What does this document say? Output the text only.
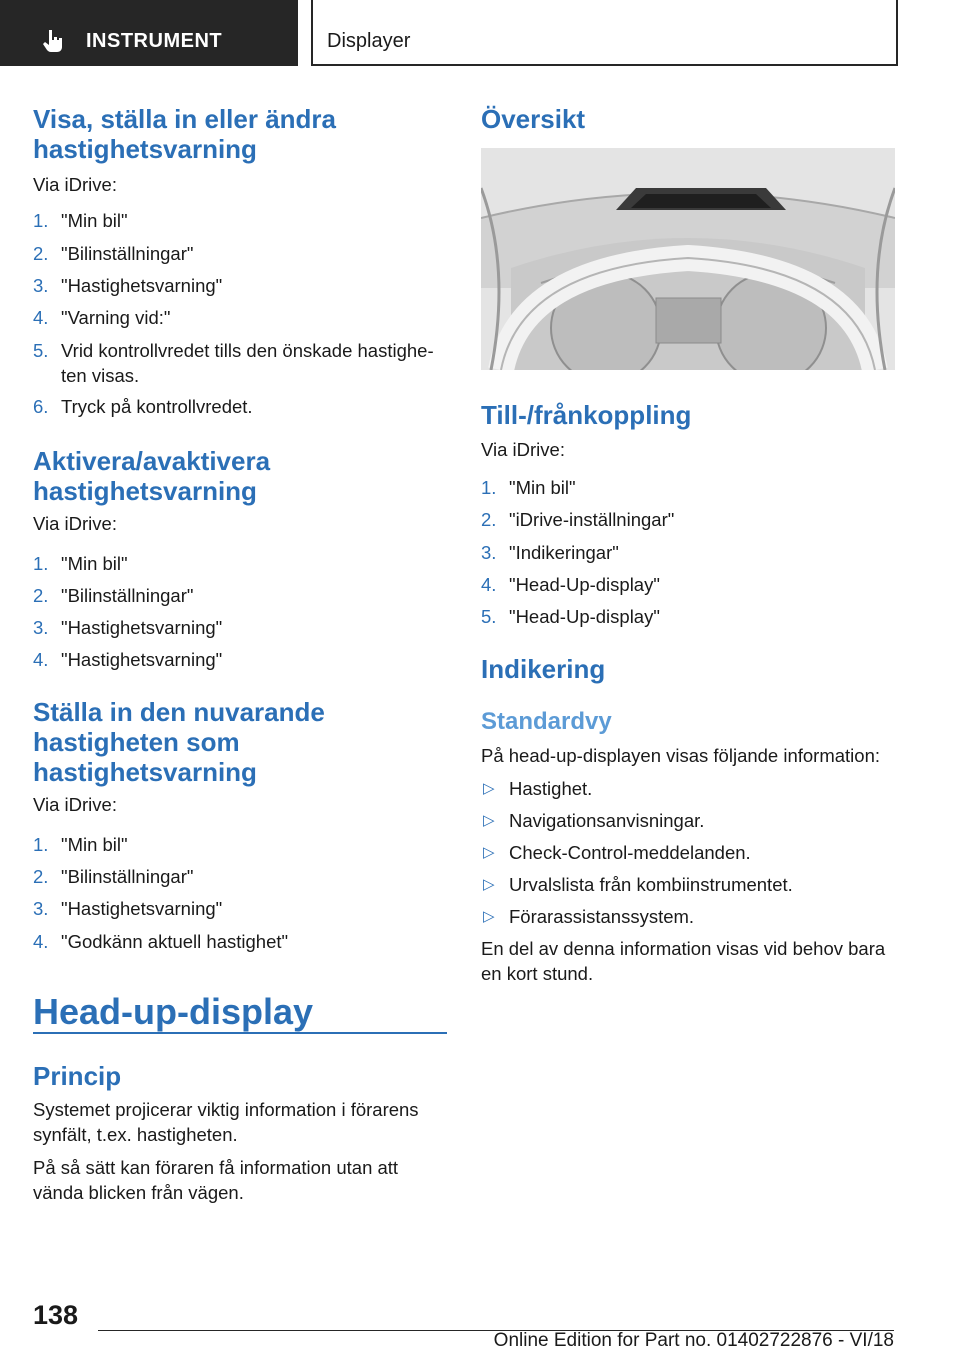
INSTRUMENT	Displayer
Visa, ställa in eller ändra
hastighetsvarning
Via iDrive:
1. "Min bil"
2. "Bilinställningar"
3. "Hastighetsvarning"
4. "Varning vid:"
5. Vrid kontrollvredet tills den önskade hastighe-
ten visas.
6. Tryck på kontrollvredet.
Aktivera/avaktivera
hastighetsvarning
Via iDrive:
1. "Min bil"
2. "Bilinställningar"
3. "Hastighetsvarning"
4. "Hastighetsvarning"
Ställa in den nuvarande
hastigheten som
hastighetsvarning
Via iDrive:
1. "Min bil"
2. "Bilinställningar"
3. "Hastighetsvarning"
4. "Godkänn aktuell hastighet"
Princip
Systemet projicerar viktig information i förarens
synfält, t.ex. hastigheten.
På så sätt kan föraren få information utan att
vända blicken från vägen.
Head-up-display
Översikt
Till-/frånkoppling
Via iDrive:
1. "Min bil"
2. "iDrive-inställningar"
3. "Indikeringar"
4. "Head-Up-display"
5. "Head-Up-display"
Indikering
Standardvy
På head-up-displayen visas följande information:
▷ Hastighet.
▷ Navigationsanvisningar.
▷ Check-Control-meddelanden.
▷ Urvalslista från kombiinstrumentet.
▷ Förarassistanssystem.
En del av denna information visas vid behov bara
en kort stund.
138
Online Edition for Part no. 01402722876 - VI/18
